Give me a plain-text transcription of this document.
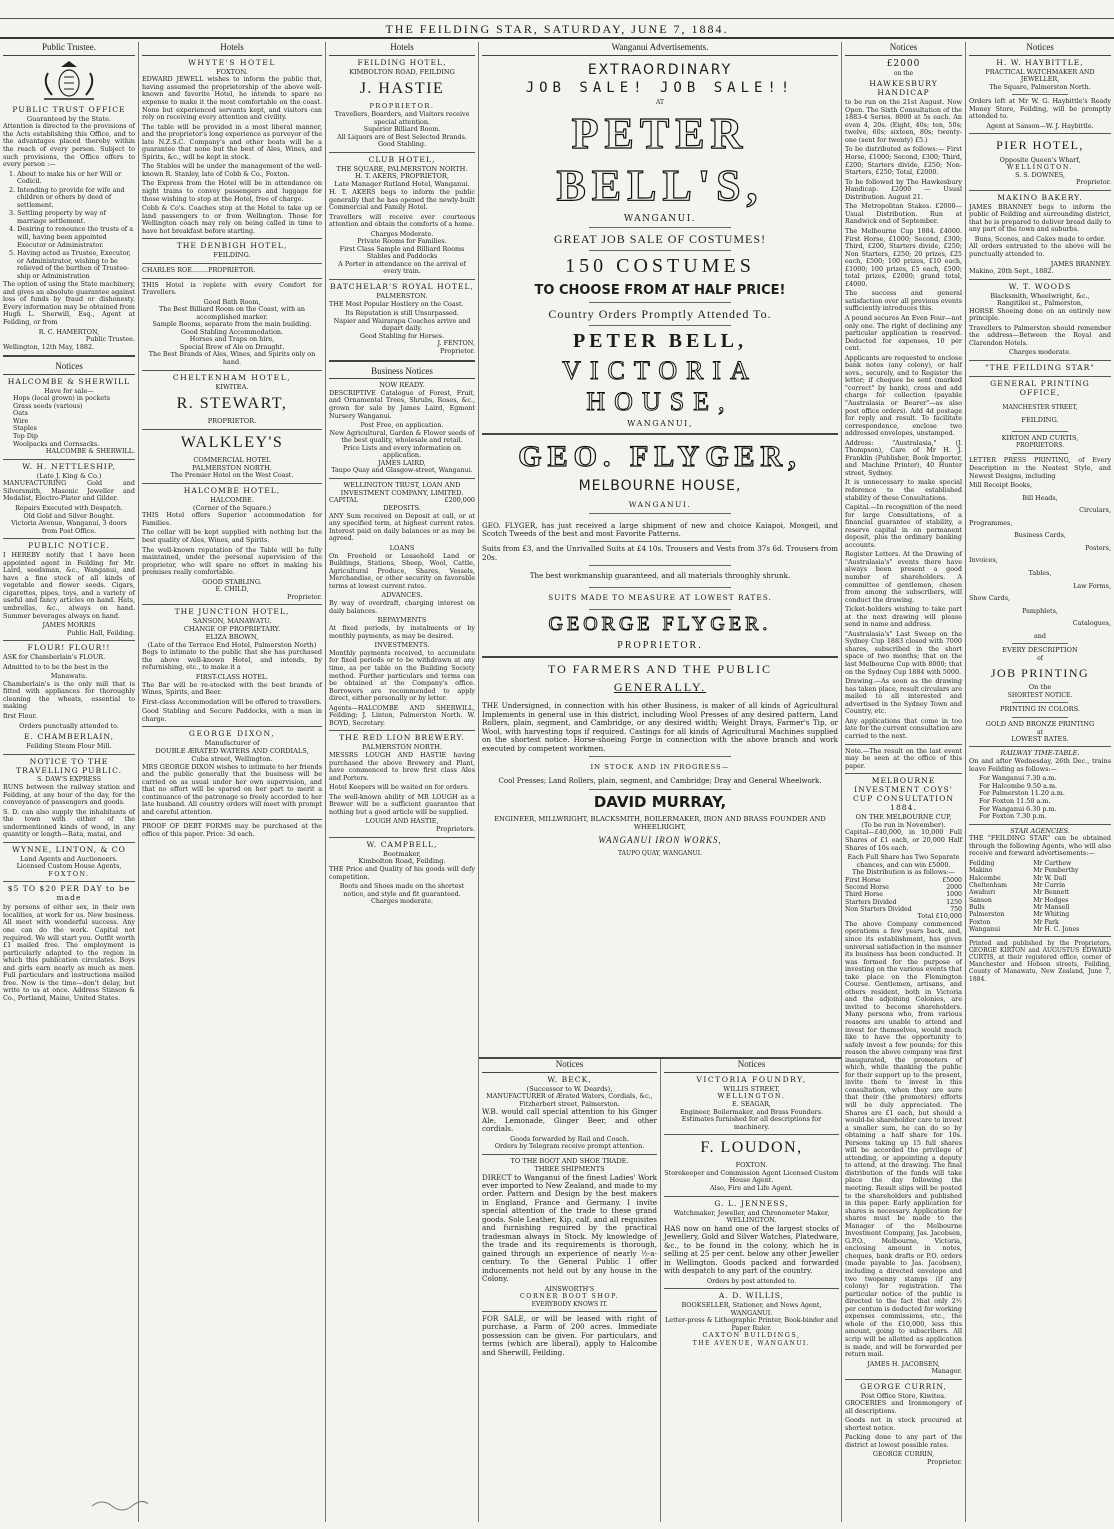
THE FEILDING STAR, SATURDAY, JUNE 7, 1884.
Public Trustee.
PUBLIC TRUST OFFICE
Guaranteed by the State.

Attention is directed to the provisions of the Acts establishing this Office, and to the advantages placed thereby within the reach of every person. Subject to such provisions, the Office offers to every person :—

1. About to make his or her Will or Codicil.
2. Intending to provide for wife and children or others by deed of settlement.
3. Settling property by way of marriage settlement.
4. Desiring to renounce the trusts of a will, having been appointed Executor or Administrator.
5. Having acted as Trustee, Executor, or Administrator, wishing to be relieved of the burthen of Trustee-ship or Administration

The option of using the State machinery, and gives an absolute guarantee against loss of funds by fraud or dishonesty. Every information may be obtained from Hugh L. Sherwill, Esq., Agent at Feilding, or from

R. C. HAMERTON,
Public Trustee.
Wellington, 12th May, 1882.
Notices
HALCOMBE & SHERWILL
Have for sale—
Hops (local grown) in pockets
Grass seeds (various)
Oats
Wire
Staples
Top Dip
Woolpacks and Cornsacks.
HALCOMBE & SHERWILL.
W. H. NETTLESHIP,
(Late J. King & Co.)

MANUFACTURING Gold and Silversmith, Masonic Jeweller and Medalist, Electro-Plater and Gilder.

Repairs Executed with Despatch.
Old Gold and Silver Bought.
Victoria Avenue, Wanganui, 3 doors from Post Office.
PUBLIC NOTICE.

I HEREBY notify that I have been appointed agent in Feilding for Mr. Laird, seedsman, &c., Wanganui, and have a fine stock of all kinds of vegetable and flower seeds. Cigars, cigarettes, pipes, toys, and a variety of useful and fancy articles on hand. Hats, umbrellas, &c., always on hand. Summer beverages always on hand.

JAMES MORRIS
Public Hall, Feilding.
FLOUR! FLOUR!!

ASK for Chamberlain's FLOUR.

Admitted to to be the best in the

Manawatu.

Chamberlain's is the only mill that is fitted with appliances for thoroughly cleaning the wheats, essential to making

first Flour.

Orders punctually attended to.
E. CHAMBERLAIN,
Feilding Steam Flour Mill.
NOTICE TO THE TRAVELLING PUBLIC.
S. DAW'S EXPRESS

RUNS between the railway station and Feilding, at any hour of the day, for the conveyance of passengers and goods.

S. D. can also supply the inhabitants of the town with either of the undermentioned kinds of wood, in any quantity or length—Rata, matai, and

WYNNE, LINTON, & CO
Land Agents and Auctioneers.
Licensed Custom House Agents,
FOXTON.
$5 TO $20 PER DAY to be made

by persons of either sex, in their own localities, at work for us. New business. All meet with wonderful success. Any one can do the work. Capital not required. We will start you. Outfit worth £1 mailed free. The employment is particularly adapted to the region in which this publication circulates. Boys and girls earn nearly as much as men. Full particulars and instructions mailed free. Now is the time—don't delay, but write to us at once. Address Stinson & Co., Portland, Maine, United States.

Hotels
WHYTE'S HOTEL
FOXTON.

EDWARD JEWELL wishes to inform the public that, having assumed the proprietorship of the above well-known and favorite Hotel, he intends to spare no expense to make it the most comfortable on the coast. None but experienced servants kept, and visitors can rely on receiving every attention and civility.

The table will be provided in a most liberal manner, and the proprietor's long experience as purveyor of the late N.Z.S.C. Company's and other boats will be a guarantee that none but the best of Ales, Wines, and Spirits, &c., will be kept in stock.

The Stables will be under the management of the well-known R. Stanley, late of Cobb & Co., Foxton.

The Express from the Hotel will be in attendance on night trains to convey passengers and luggage for those wishing to stop at the Hotel, free of charge.

Cobb & Co's. Coaches stop at the Hotel to take up or land passengers to or from Wellington. Those for Wellington coach may rely on being called in time to have hot breakfast before starting.

THE DENBIGH HOTEL,
FEILDING.
CHARLES ROE........PROPRIETOR.

THIS Hotel is replete with every Comfort for Travellers.

Good Bath Room,
The Best Billiard Room on the Coast, with an accomplished marker.
Sample Rooms, separate from the main building.
Good Stabling Accommodation.
Horses and Traps on hire,
Special Brew of Ale on Draught.
The Best Brands of Ales, Wines, and Spirits only on hand.
CHELTENHAM HOTEL,
KIWITEA.
R. STEWART,
PROPRIETOR.
WALKLEY'S
COMMERCIAL HOTEL
PALMERSTON NORTH.
The Premier Hotel on the West Coast.
HALCOMBE HOTEL,
HALCOMBE.
(Corner of the Square.)

THIS Hotel offers Superior accommodation for Families.

The cellar will be kept supplied with nothing but the best quality of Ales, Wines, and Spirits.

The well-known reputation of the Table will be fully maintained, under the personal supervision of the proprietor, who will spare no effort in making his premises really comfortable.

GOOD STABLING.
E. CHILD,
Proprietor.
THE JUNCTION HOTEL,
SANSON, MANAWATU.
CHANGE OF PROPRIETARY.
ELIZA BROWN,
(Late of the Terrace End Hotel, Palmerston North)

Begs to intimate to the public that she has purchased the above well-known Hotel, and intends, by refurnishing, etc., to make it a

FIRST-CLASS HOTEL.

The Bar will be re-stocked with the best brands of Wines, Spirits, and Beer.

First-class Accommodation will be offered to travellers.

Good Stabling and Secure Paddocks, with a man in charge.

GEORGE DIXON,
Manufacturer of
DOUBLE ÆRATED WATERS AND CORDIALS,
Cuba street, Wellington.

MRS GEORGE DIXON wishes to intimate to her friends and the public generally that the business will be carried on as usual under her own supervision, and that no effort will be spared on her part to merit a continuance of the patronage so freely accorded to her late husband. All country orders will meet with prompt and careful attention.

PROOF OF DEBT FORMS may be purchased at the office of this paper. Price: 3d each.

Hotels
FEILDING HOTEL,
KIMBOLTON ROAD, FEILDING
J. HASTIE
PROPRIETOR.
Travellers, Boarders, and Visitors receive special attention.
Superior Billiard Room.
All Liquors are of Best Selected Brands.
Good Stabling.
CLUB HOTEL,
THE SQUARE, PALMERSTON NORTH.
H. T. AKERS, PROPRIETOR,
Late Manager Rutland Hotel, Wanganui.

H. T. AKERS begs to inform the public generally that he has opened the newly-built Commercial and Family Hotel.

Travellers will receive ever courteous attention and obtain the comforts of a home.

Charges Moderate.
Private Rooms for Families.
First Class Sample and Billiard Rooms Stables and Paddocks
A Porter in attendance on the arrival of every train.
BATCHELAR'S ROYAL HOTEL,
PALMERSTON.

THE Most Popular Hostlery on the Coast.

Its Reputation is still Unsurpassed.
Napier and Wairarapa Coaches arrive and depart daily.
Good Stabling for Horses.
J. FENTON,
Proprietor.
Business Notices
NOW READY.

DESCRIPTIVE Catalogue of Forest, Fruit, and Ornamental Trees, Shrubs, Roses, &c., grown for sale by James Laird, Egmont Nursery Wanganui.

Post Free, on application.
New Agricultural, Garden & Flower seeds of the best quality, wholesale and retail.
Price Lists and every information on application.
JAMES LAIRD,
Taupo Quay and Glasgow-street, Wanganui.
WELLINGTON TRUST, LOAN AND INVESTMENT COMPANY, LIMITED.
CAPITAL	£200,000
DEPOSITS.

ANY Sum received on Deposit at call, or at any specified term, at highest current rates. Interest paid on daily balances or as may be agreed.

LOANS

On Freehold or Leasehold Land or Buildings, Stations, Sheep, Wool, Cattle, Agricultural Produce, Shares, Vessels, Merchandise, or other security on favorable terms at lowest current rates.

ADVANCES.

By way of overdraft, charging interest on daily balances.

REPAYMENTS

At fixed periods, by instalments or by monthly payments, as may be desired.

INVESTMENTS.

Monthly payments received, to accumulate for fixed periods or to be withdrawn at any time, as per table on the Building Society method. Further particulars and terms can be obtained at the Company's office. Borrowers are recommended to apply direct, either personally or by letter.

Agents—HALCOMBE AND SHERWILL, Feilding; J. Linton, Palmerston North. W. BOYD, Secretary.

THE RED LION BREWERY.
PALMERSTON NORTH.

MESSRS LOUGH AND HASTIE having purchased the above Brewery and Plant, have commenced to brew first class Ales and Porters.

Hotel Keepers will be waited on for orders.

The well-known ability of MR LOUGH as a Brewer will be a sufficient guarantee that nothing but a good article will be supplied.

LOUGH AND HASTIE,
Proprietors.
W. CAMPBELL,
Bootmaker,
Kimbolton Road, Feilding.

THE Price and Quality of his goods will defy competition.

Boots and Shoes made on the shortest notice, and style and fit guaranteed.
Charges moderate.
Wanganui Advertisements.
EXTRAORDINARY
JOB SALE! JOB SALE!!
AT
PETER BELL'S,
WANGANUI.
GREAT JOB SALE OF COSTUMES!
150 COSTUMES
TO CHOOSE FROM AT HALF PRICE!
Country Orders Promptly Attended To.
PETER BELL,
VICTORIA HOUSE,
WANGANUI,
GEO. FLYGER,
MELBOURNE HOUSE,
WANGANUI.

GEO. FLYGER, has just received a large shipment of new and choice Kaiapoi, Mosgeil, and Scotch Tweeds of the best and most Favorite Patterns.

Suits from £3, and the Unrivalled Suits at £4 10s. Trousers and Vests from 37s 6d. Trousers from 20s.

The best workmanship guaranteed, and all materials throughly shrunk.
SUITS MADE TO MEASURE AT LOWEST RATES.
GEORGE FLYGER.
PROPRIETOR.
TO FARMERS AND THE PUBLIC
GENERALLY.

THE Undersigned, in connection with his other Business, is maker of all kinds of Agricultural Implements in general use in this district, including Wool Presses of any desired pattern, Land Rollers, plain, segment, and Cambridge, or any desired width; Weight Drays, Farmer's Tip, or Wool, with harvesting tops if required. Castings for all kinds of Agricultural Machines supplied on the shortest notice. Horse-shoeing Forge in connection with the above branch and work executed by competent workmen.

IN STOCK AND IN PROGRESS—
Cool Presses; Land Rollers, plain, segment, and Cambridge; Dray and General Wheelwork.
DAVID MURRAY,
ENGINEER, MILLWRIGHT, BLACKSMITH, BOILERMAKER, IRON AND BRASS FOUNDER AND WHEELRIGHT,
WANGANUI IRON WORKS,
TAUPO QUAY, WANGANUI.
Notices
W. BECK,
(Successor to W. Deards),
MANUFACTURER of Ærated Waters, Cordials, &c.,
Fitzherbert street, Palmerston.

W.B. would call special attention to his Ginger Ale, Lemonade, Ginger Beer, and other cordials.

Goods forwarded by Rail and Coach.
Orders by Telegram receive prompt attention.
TO THE BOOT AND SHOE TRADE.
THREE SHIPMENTS

DIRECT to Wanganui of the finest Ladies' Work ever imported to New Zealand, and made to my order. Pattern and Design by the best makers in England, France and Germany. I invite special attention of the trade to these grand goods. Sole Leather, Kip, calf, and all requisites and furnishing required by the practical tradesman always in Stock. My knowledge of the trade and its requirements is thorough, gained through an experience of nearly ½-a-century. To the General Public I offer inducements not held out by any house in the Colony.

AINSWORTH'S
CORNER BOOT SHOP.
EVERYBODY KNOWS IT.

FOR SALE, or will be leased with right of purchase, a Farm of 200 acres. Immediate possession can be given. For particulars, and terms (which are liberal), apply to Halcombe and Sherwill, Feilding.

Notices
VICTORIA FOUNDRY,
WILLIS STREET,
WELLINGTON.
E. SEAGAR,
Engineer, Boilermaker, and Brass Founders.
Estimates furnished for all descriptions for machinery.
F. LOUDON,
FOXTON.
Storekeeper and Commission Agent Licensed Custom House Agent.
Also, Fire and Life Agent.
G. L. JENNESS,
Watchmaker, Jeweller, and Chronometer Maker,
WELLINGTON.

HAS now on hand one of the largest stocks of Jewellery, Gold and Silver Watches, Platedware, &c., to be found in the colony, which he is selling at 25 per cent. below any other Jeweller in Wellington. Goods packed and forwarded with despatch to any part of the country.

Orders by post attended to.
A. D. WILLIS,
BOOKSELLER, Stationer, and News Agent,
WANGANUI.
Letter-press & Lithographic Printer, Book-binder and Paper Ruler.
CAXTON BUILDINGS,
THE AVENUE, WANGANUI.
Notices
£2000
on the
HAWKESBURY HANDICAP

to be run on the 21st August. Now Open. The Sixth Consultation of the 1883-4 Series. 8000 at 5s each. An even 4, 20s. (Eight, 40s; ten, 50s; twelve, 60s; sixteen, 80s; twenty-one (sent for twenty) £5.)

To be distributed as follows:— First Horse, £1000; Second, £300; Third, £200; Starters divide, £250; Non-Starters, £250; Total, £2000.

To be followed by The Hawkesbury Handicap. £2000 — Usual Distribution. August 21.

The Metropolitan Stakes. £2000— Usual Distribution. Run at Randwick end of September.

The Melbourne Cup 1884. £4000. First Horse, £1000; Second, £300; Third, £200, Starters divide, £250; Non Starters, £250; 20 prizes, £25 each, £500; 100 prizes, £10 each, £1000; 100 prizes, £5 each, £500; total prizes, £2000; grand total, £4000.

The success and general satisfaction over all previous events sufficiently introduces this.

A pound secures An Even Four—not only one. The right of declining any particular application is reserved. Deducted for expenses, 10 per cent.

Applicants are requested to enclose bank notes (any colony), or half sovs., securely, and to Register the letter; if cheques be sent (marked "correct" by bank), cross and add charge for collection (payable "Australasia or Bearer"—as also post office orders). Add 4d postage for reply and result. To facilitate correspondence, enclose two addressed envelopes, unstamped.

Address: "Australasia," (J. Thompson), Care of Mr H. J. Franklin (Publisher, Book Importer, and Machine Printer), 40 Hunter street, Sydney.

It is unnecessary to make special reference to the established stability of these Consultations.

Capital.—In recognition of the need for large Consultations, of a financial guarantee of stability, a reserve capital in on permanent deposit, plus the ordinary banking accounts.

Register Letters. At the Drawing of "Australasia's" events there have always been present a good number of shareholders. A committee of gentlemen, chosen from among the subscribers, will conduct the drawing.

Ticket-holders wishing to take part at the next drawing will please send in name and address.

"Australasia's" Last Sweep on the Sydney Cup 1883 closed with 7000 shares, subscribed in the short space of two months; that on the last Melbourne Cup with 8000; that on the Sydney Cup 1884 with 5000.

Drawing.—As soon as the drawing has taken place, result circulars are mailed to all interested and advertised in the Sydney Town and Country, etc.

Any applications that come in too late for the current consultation are carried to the next.

Note.—The result on the last event may be seen at the office of this paper.

MELBOURNE INVESTMENT COYS' CUP CONSULTATION 1884.
ON THE MELBOURNE CUP,
(To be run in November).

Capital—£40,000, in 10,000 Full Shares of £1 each, or 20,000 Half Shares of 10s each.

Each Full Share has Two Separate chances, and can win £5000.
The Distribution is as follows:—
First Horse	£5000
Second Horse	2000
Third Horse	1000
Starters Divided	1250
Non Starters Divided	750
Total £10,000

The above Company commenced operations a few years back, and, since its establishment, has given universal satisfaction in the manner its business has been conducted. It was formed for the purpose of investing on the various events that take place on the Flemington Course. Gentlemen, artisans, and others resident, both in Victoria and the adjoining Colonies, are invited to become shareholders. Many persons who, from various reasons are unable to attend and invest for themselves, would much like to have the opportunity to safely invest a few pounds; for this reason the above company was first inaugurated, the promoters of which, while thanking the public for their support up to the present, invite them to invest in this consultation, when they are sure that their (the promoters) efforts will be duly appreciated. The Shares are £1 each, but should a would-be shareholder care to invest a smaller sum, he can do so by obtaining a half share for 10s. Persons taking up 15 full shares will be accorded the privilege of attending, or appointing a deputy to attend, at the drawing. The final distribution of the funds will take place the day following the meeting. Result slips will be posted to the shareholders and published in this paper. Early application for shares is necessary. Application for shares must be made to the Manager of the Melbourne Investment Company, Jas. Jacobsen, G.P.O., Melbourne, Victoria, enclosing amount in notes, cheques, bank drafts or P.O. orders (made payable to Jas. Jacobsen), including a directed envelope and two twopenny stamps (if any colony) for registration. The particular notice of the public is directed to the fact that only 2½ per centum is deducted for working expenses commissions, etc., the whole of the £10,000, less this amount, going to subscribers. All scrip will be allotted as application is made, and will be forwarded per return mail.

JAMES H. JACOBSEN,
Manager.
GEORGE CURRIN,
Post Office Store, Kiwitea.

GROCERIES and Ironmongery of all descriptions.

Goods not in stock procured at shortest notice.

Packing done to any part of the district at lowest possible rates.

GEORGE CURRIN,
Proprietor.
Notices
H. W. HAYBITTLE,
PRACTICAL WATCHMAKER AND JEWELLER,
The Square, Palmerston North.

Orders left at Mr W. G. Haybittle's Ready Money Store, Feilding, will be promptly attended to.

Agent at Sanson—W. J. Haybittle.
PIER HOTEL,
Opposite Queen's Wharf,
WELLINGTON.
S. S. DOWNES,
Proprietor.
MAKINO BAKERY.

JAMES BRANNEY begs to inform the public of Feilding and surrounding district, that he is prepared to deliver bread daily to any part of the town and suburbs.

Buns, Scones, and Cakes made to order.

All orders entrusted to the above will be punctually attended to.

JAMES BRANNEY.
Makino, 20th Sept., 1882.
W. T. WOODS
Blacksmith, Wheelwright, &c.,
Rangitikei st., Palmerston,

HORSE Shoeing done on an entirely new principle.

Travellers to Palmerston should remember the address—Between the Royal and Clarendon Hotels.

Charges moderate.
"THE FEILDING STAR"
GENERAL PRINTING OFFICE,
MANCHESTER STREET,
FEILDING.
KIRTON AND CURTIS,
PROPRIETORS.

LETTER PRESS PRINTING, of Every Description in the Neatest Style, and Newest Designs, including

Mill Receipt Books,
Bill Heads,
Circulars,
Programmes,
Business Cards,
Posters,
Invoices,
Tables,
Law Forms,
Show Cards,
Pamphlets,
Catalogues,
and
EVERY DESCRIPTION
of
JOB PRINTING
On the
SHORTEST NOTICE.
PRINTING IN COLORS.
GOLD AND BRONZE PRINTING
at
LOWEST RATES.
RAILWAY TIME-TABLE.

On and after Wednesday, 26th Dec., trains leave Feilding as follows:—

For Wanganui 7.30 a.m.
For Halcombe 9.50 a.m.
For Palmerston 11.20 a.m.
For Foxton 11.50 a.m.
For Wanganui 6.30 p.m.
For Foxton 7.30 p.m.
STAR AGENCIES.

THE "FEILDING STAR" can be obtained through the following Agents, who will also receive and forward advertisements:—

Feilding	Mr Carthew
Makino	Mr Pemberthy
Halcombe	Mr W. Dall
Cheltenham	Mr Currin
Awahuri	Mr Bennett
Sanson	Mr Hodges
Bulls	Mr Mansell
Palmerston	Mr Whiting
Foxton	Mr Park
Wanganui	Mr H. C. Jones

Printed and published by the Proprietors, GEORGE KIRTON and AUGUSTUS EDWARD CURTIS, at their registered office, corner of Manchester and Hobson streets, Feilding, County of Manawatu, New Zealand, June 7, 1884.
